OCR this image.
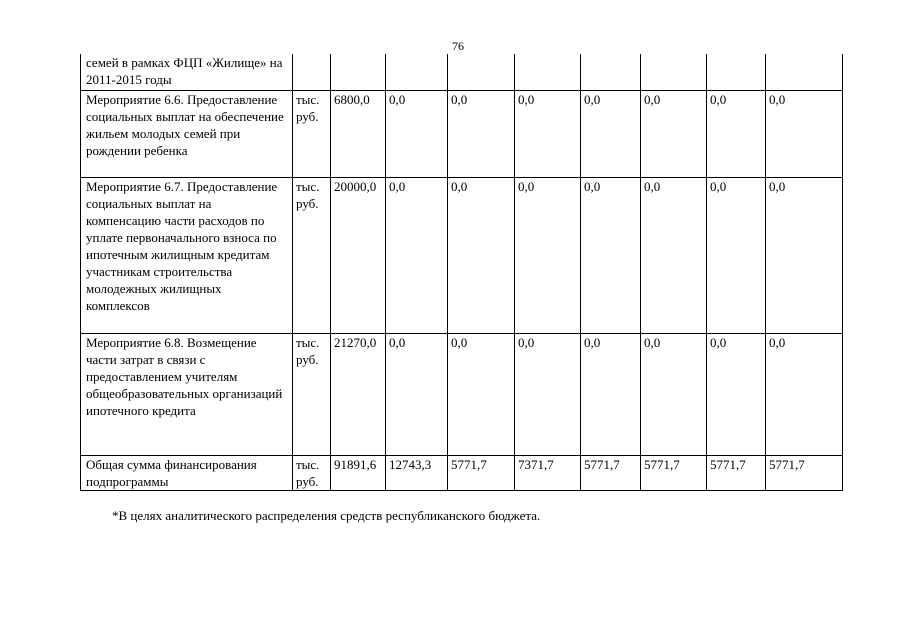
76
семей в рамках ФЦП «Жилище» на 2011-2015 годы									
Мероприятие 6.6. Предоставление социальных выплат на обеспечение жильем молодых семей при рождении ребенка	тыс. руб.	6800,0	0,0	0,0	0,0	0,0	0,0	0,0	0,0
Мероприятие 6.7. Предоставление социальных выплат на компенсацию части расходов по уплате первоначального взноса по ипотечным жилищным кредитам участникам строительства молодежных жилищных комплексов	тыс. руб.	20000,0	0,0	0,0	0,0	0,0	0,0	0,0	0,0
Мероприятие 6.8. Возмещение части затрат в связи с предоставлением учителям общеобразовательных организаций ипотечного кредита	тыс. руб.	21270,0	0,0	0,0	0,0	0,0	0,0	0,0	0,0
Общая сумма финансирования подпрограммы	тыс. руб.	91891,6	12743,3	5771,7	7371,7	5771,7	5771,7	5771,7	5771,7
*В целях аналитического распределения средств республиканского бюджета.
